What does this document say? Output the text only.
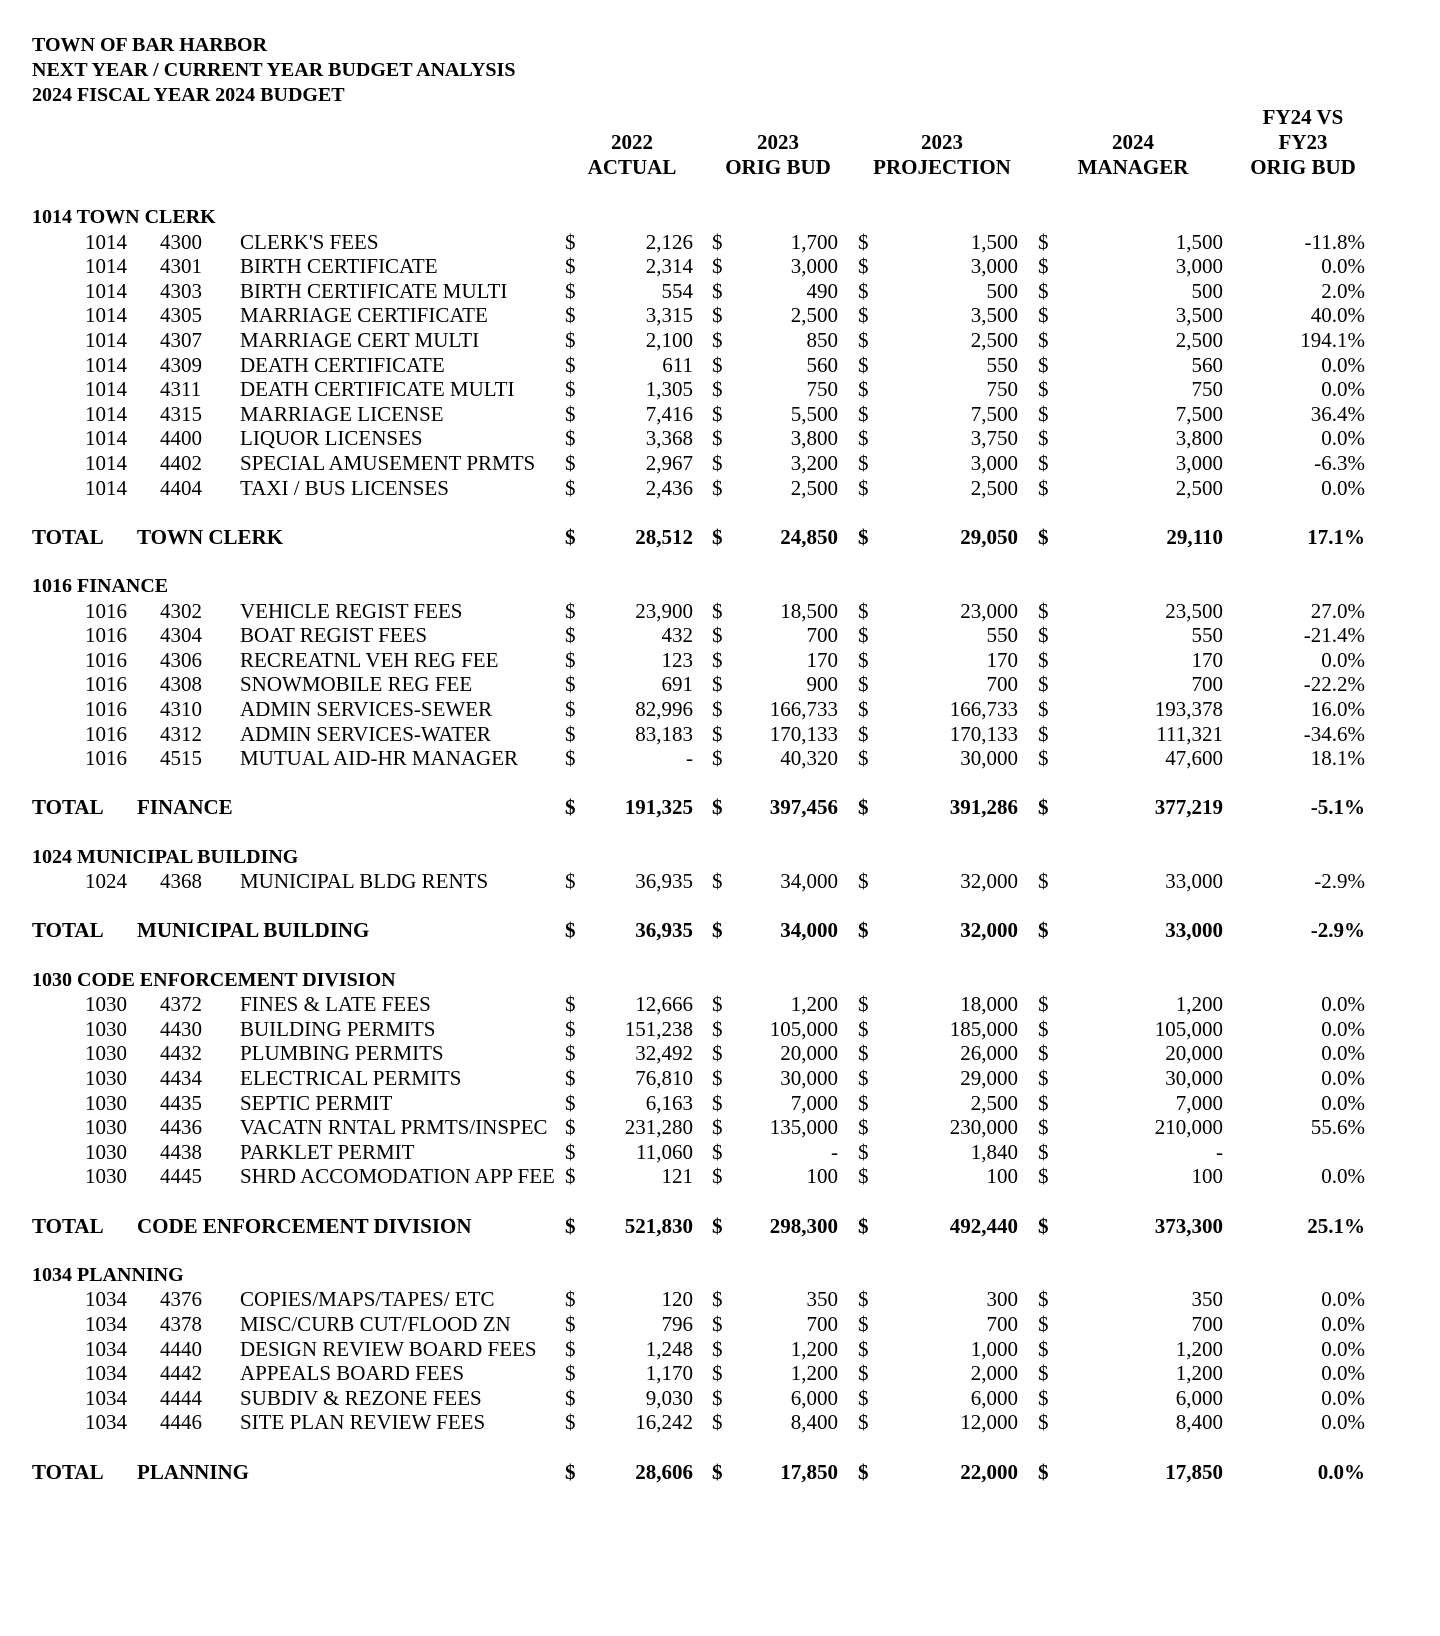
TOWN OF BAR HARBOR
NEXT YEAR / CURRENT YEAR BUDGET ANALYSIS
2024 FISCAL YEAR 2024 BUDGET
2022
ACTUAL
2023
ORIG BUD
2023
PROJECTION
2024
MANAGER
FY24 VS
FY23
ORIG BUD
1014 TOWN CLERK
1014 4300 CLERK'S FEES	$	2,126 $	1,700 $	1,500 $	1,500	-11.8%
1014 4301 BIRTH CERTIFICATE	$	2,314 $	3,000 $	3,000 $	3,000	0.0%
1014 4303 BIRTH CERTIFICATE MULTI	$	554 $	490 $	500 $	500	2.0%
1014 4305 MARRIAGE CERTIFICATE	$	3,315 $	2,500 $	3,500 $	3,500	40.0%
1014 4307 MARRIAGE CERT MULTI	$	2,100 $	850 $	2,500 $	2,500	194.1%
1014 4309 DEATH CERTIFICATE	$	611 $	560 $	550 $	560	0.0%
1014 4311 DEATH CERTIFICATE MULTI $	1,305 $	750 $	750 $	750	0.0%
1014 4315 MARRIAGE LICENSE	$	7,416 $	5,500 $	7,500 $	7,500	36.4%
1014 4400 LIQUOR LICENSES	$	3,368 $	3,800 $	3,750 $	3,800	0.0%
1014 4402 SPECIAL AMUSEMENT PRMTS $	2,967 $	3,200 $	3,000 $	3,000	-6.3%
1014 4404 TAXI / BUS LICENSES	$	2,436 $	2,500 $	2,500 $	2,500	0.0%
TOTAL TOWN CLERK	$	28,512 $	24,850 $	29,050 $	29,110	17.1%
1016 FINANCE
1016 4302 VEHICLE REGIST FEES	$	23,900 $	18,500 $	23,000 $	23,500	27.0%
1016 4304 BOAT REGIST FEES	$	432 $	700 $	550 $	550	-21.4%
1016 4306 RECREATNL VEH REG FEE	$	123 $	170 $	170 $	170	0.0%
1016 4308 SNOWMOBILE REG FEE	$	691 $	900 $	700 $	700	-22.2%
1016 4310 ADMIN SERVICES-SEWER	$	82,996 $	166,733 $	166,733 $	193,378	16.0%
1016 4312 ADMIN SERVICES-WATER	$	83,183 $	170,133 $	170,133 $	111,321	-34.6%
1016 4515 MUTUAL AID-HR MANAGER $	- $	40,320 $	30,000 $	47,600	18.1%
TOTAL FINANCE	$	191,325 $	397,456 $	391,286 $	377,219	-5.1%
1024 MUNICIPAL BUILDING
1024 4368 MUNICIPAL BLDG RENTS	$	36,935 $	34,000 $	32,000 $	33,000	-2.9%
TOTAL MUNICIPAL BUILDING	$	36,935 $	34,000 $	32,000 $	33,000	-2.9%
1030 CODE ENFORCEMENT DIVISION
1030 4372 FINES & LATE FEES	$	12,666 $	1,200 $	18,000 $	1,200	0.0%
1030 4430 BUILDING PERMITS	$	151,238 $	105,000 $	185,000 $	105,000	0.0%
1030 4432 PLUMBING PERMITS	$	32,492 $	20,000 $	26,000 $	20,000	0.0%
1030 4434 ELECTRICAL PERMITS	$	76,810 $	30,000 $	29,000 $	30,000	0.0%
1030 4435 SEPTIC PERMIT	$	6,163 $	7,000 $	2,500 $	7,000	0.0%
1030 4436 VACATN RNTAL PRMTS/INSPEC $	231,280 $	135,000 $	230,000 $	210,000	55.6%
1030 4438 PARKLET PERMIT	$	11,060 $	- $	1,840 $	-
1030 4445 SHRD ACCOMODATION APP FEE $	121 $	100 $	100 $	100	0.0%
TOTAL CODE ENFORCEMENT DIVISION	$	521,830 $	298,300 $	492,440 $	373,300	25.1%
1034 PLANNING
1034 4376 COPIES/MAPS/TAPES/ ETC	$	120 $	350 $	300 $	350	0.0%
1034 4378 MISC/CURB CUT/FLOOD ZN	$	796 $	700 $	700 $	700	0.0%
1034 4440 DESIGN REVIEW BOARD FEES $	1,248 $	1,200 $	1,000 $	1,200	0.0%
1034 4442 APPEALS BOARD FEES	$	1,170 $	1,200 $	2,000 $	1,200	0.0%
1034 4444 SUBDIV & REZONE FEES	$	9,030 $	6,000 $	6,000 $	6,000	0.0%
1034 4446 SITE PLAN REVIEW FEES	$	16,242 $	8,400 $	12,000 $	8,400	0.0%
TOTAL PLANNING	$	28,606 $	17,850 $	22,000 $	17,850	0.0%
